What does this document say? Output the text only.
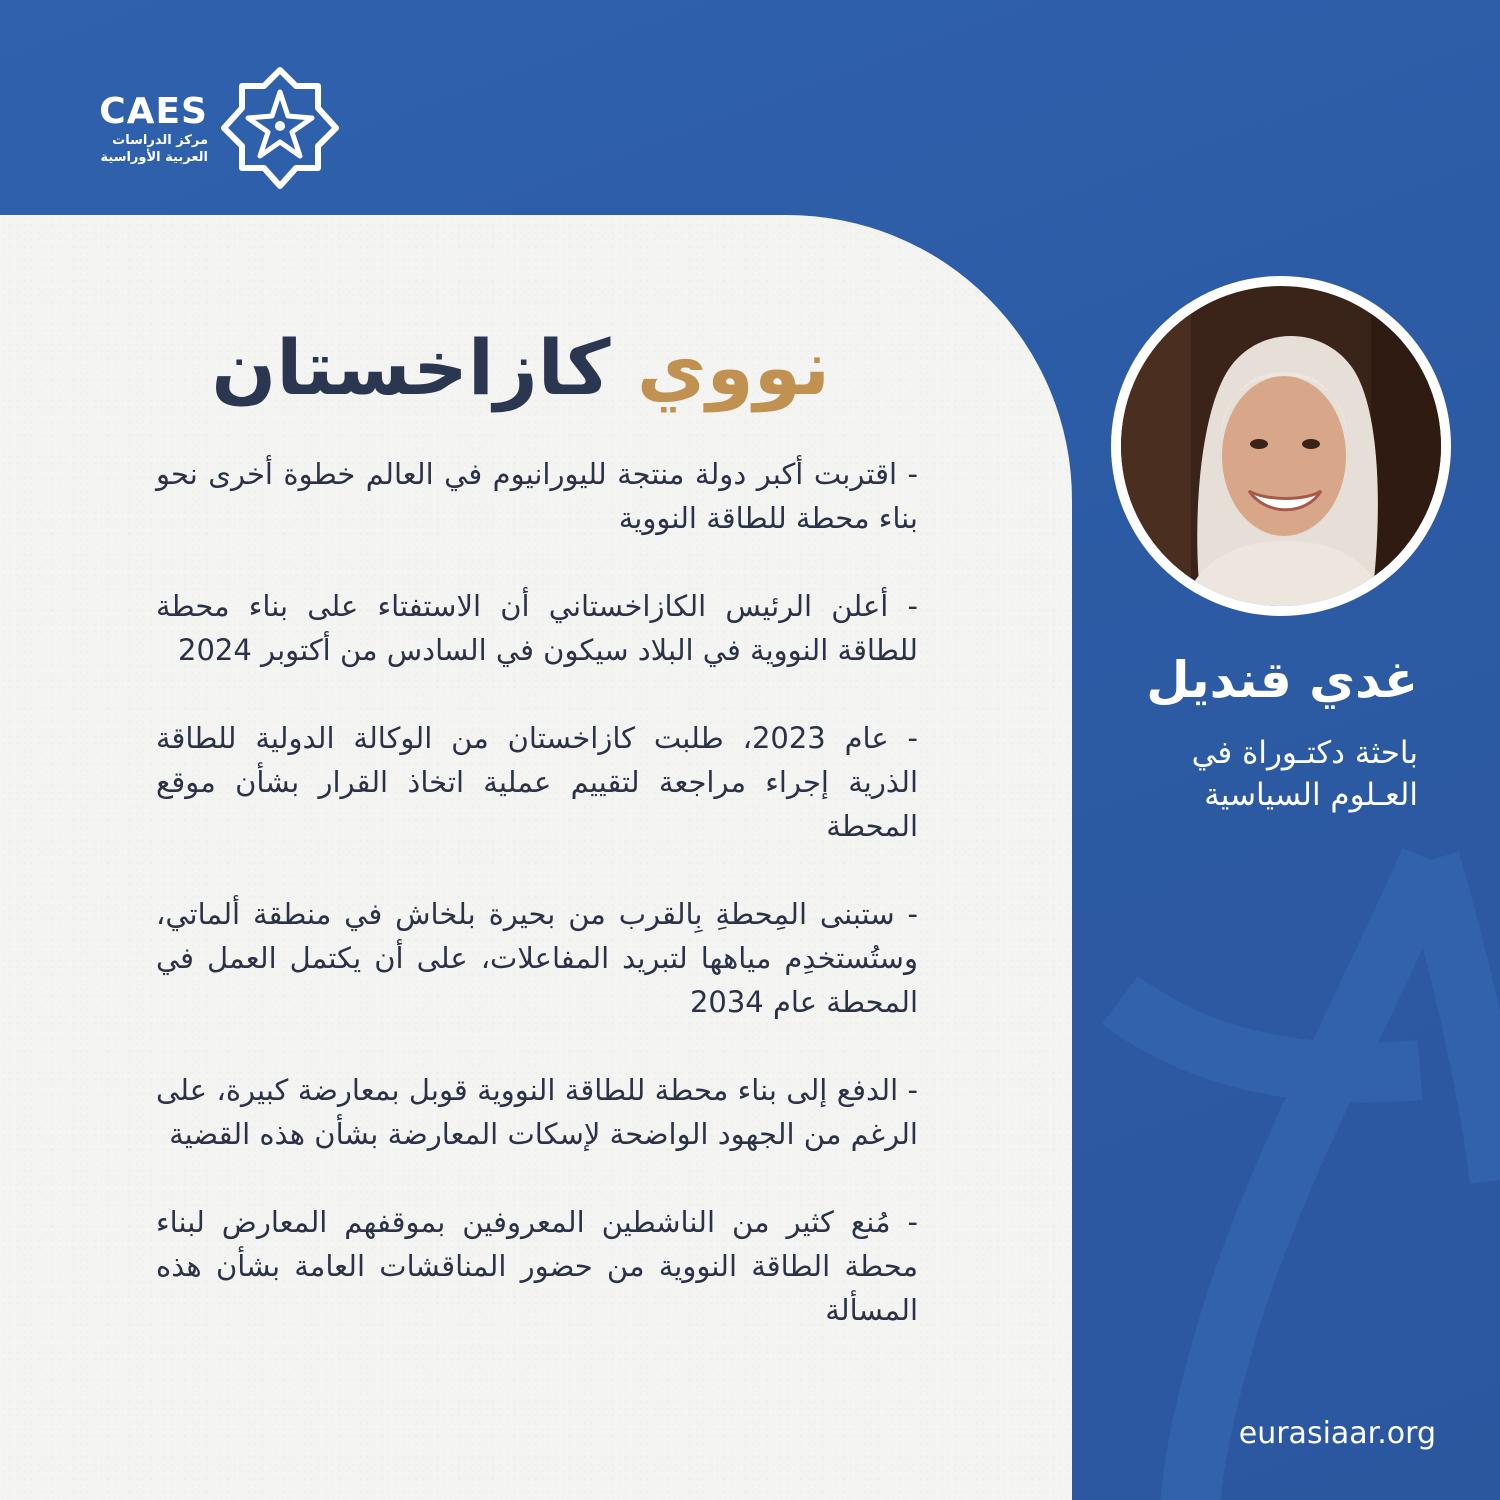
CAES
مركز الدراسات
العربية الأوراسية
نووي كازاخستان

- اقتربت أكبر دولة منتجة لليورانيوم في العالم خطوة أخرى نحو بناء محطة للطاقة النووية

- أعلن الرئيس الكازاخستاني أن الاستفتاء على بناء محطة للطاقة النووية في البلاد سيكون في السادس من أكتوبر 2024

- عام 2023، طلبت كازاخستان من الوكالة الدولية للطاقة الذرية إجراء مراجعة لتقييم عملية اتخاذ القرار بشأن موقع المحطة

- ستبنى المِحطةِ بِالقرب من بحيرة بلخاش في منطقة ألماتي، وستُستخدِم مياهها لتبريد المفاعلات، على أن يكتمل العمل في المحطة عام 2034

- الدفع إلى بناء محطة للطاقة النووية قوبل بمعارضة كبيرة، على الرغم من الجهود الواضحة لإسكات المعارضة بشأن هذه القضية

- مُنع كثير من الناشطين المعروفين بموقفهم المعارض لبناء محطة الطاقة النووية من حضور المناقشات العامة بشأن هذه المسألة

غدي قنديل
باحثة دكتـوراة في
العـلوم السياسية
eurasiaar.org
